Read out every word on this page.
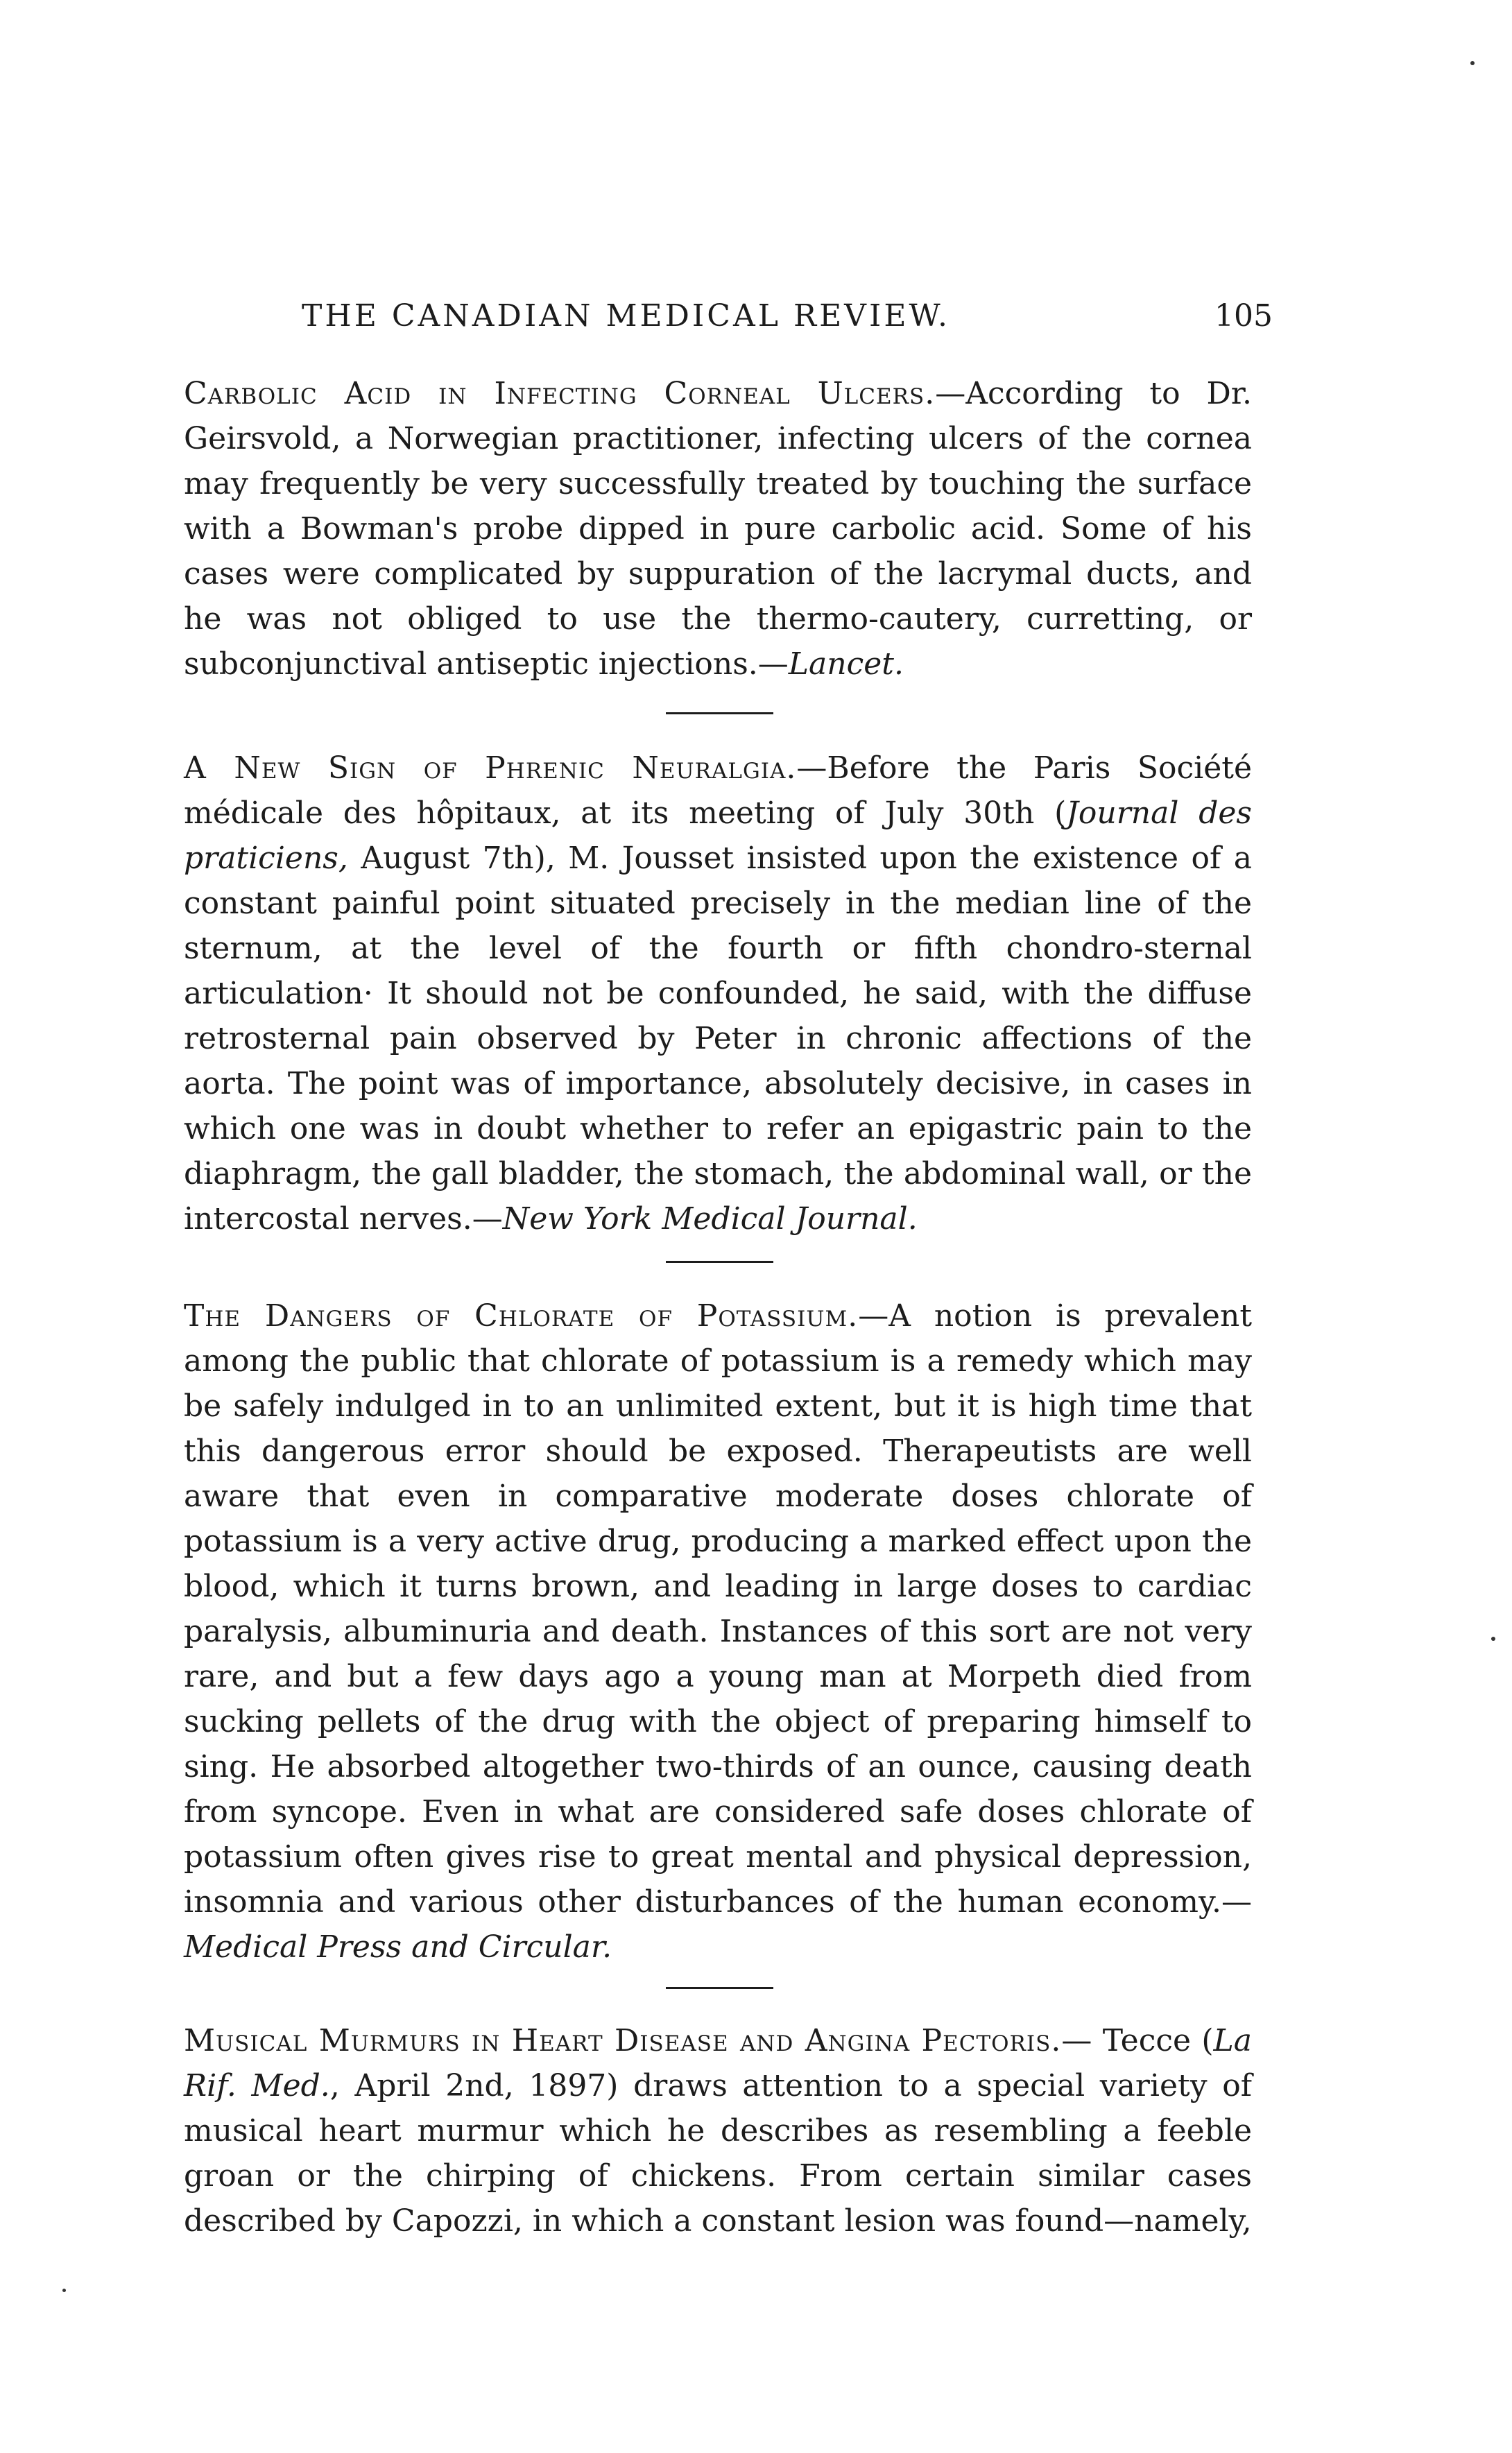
THE CANADIAN MEDICAL REVIEW.	105

Carbolic Acid in Infecting Corneal Ulcers.—According to Dr. Geirsvold, a Norwegian practitioner, infecting ulcers of the cornea may frequently be very successfully treated by touching the surface with a Bowman's probe dipped in pure carbolic acid. Some of his cases were complicated by suppuration of the lacrymal ducts, and he was not obliged to use the thermo-cautery, curretting, or subconjunctival antiseptic injections.—Lancet.

A New Sign of Phrenic Neuralgia.—Before the Paris Société médicale des hôpitaux, at its meeting of July 30th (Journal des praticiens, August 7th), M. Jousset insisted upon the existence of a constant painful point situated precisely in the median line of the sternum, at the level of the fourth or fifth chondro-sternal articulation· It should not be confounded, he said, with the diffuse retrosternal pain observed by Peter in chronic affections of the aorta. The point was of importance, absolutely decisive, in cases in which one was in doubt whether to refer an epigastric pain to the diaphragm, the gall bladder, the stomach, the abdominal wall, or the intercostal nerves.—New York Medical Journal.

The Dangers of Chlorate of Potassium.—A notion is prevalent among the public that chlorate of potassium is a remedy which may be safely indulged in to an unlimited extent, but it is high time that this dangerous error should be exposed. Therapeutists are well aware that even in comparative moderate doses chlorate of potassium is a very active drug, producing a marked effect upon the blood, which it turns brown, and leading in large doses to cardiac paralysis, albuminuria and death. Instances of this sort are not very rare, and but a few days ago a young man at Morpeth died from sucking pellets of the drug with the object of preparing himself to sing. He absorbed altogether two-thirds of an ounce, causing death from syncope. Even in what are considered safe doses chlorate of potassium often gives rise to great mental and physical depression, insomnia and various other disturbances of the human economy.—Medical Press and Circular.

Musical Murmurs in Heart Disease and Angina Pectoris.— Tecce (La Rif. Med., April 2nd, 1897) draws attention to a special variety of musical heart murmur which he describes as resembling a feeble groan or the chirping of chickens. From certain similar cases described by Capozzi, in which a constant lesion was found—namely,
